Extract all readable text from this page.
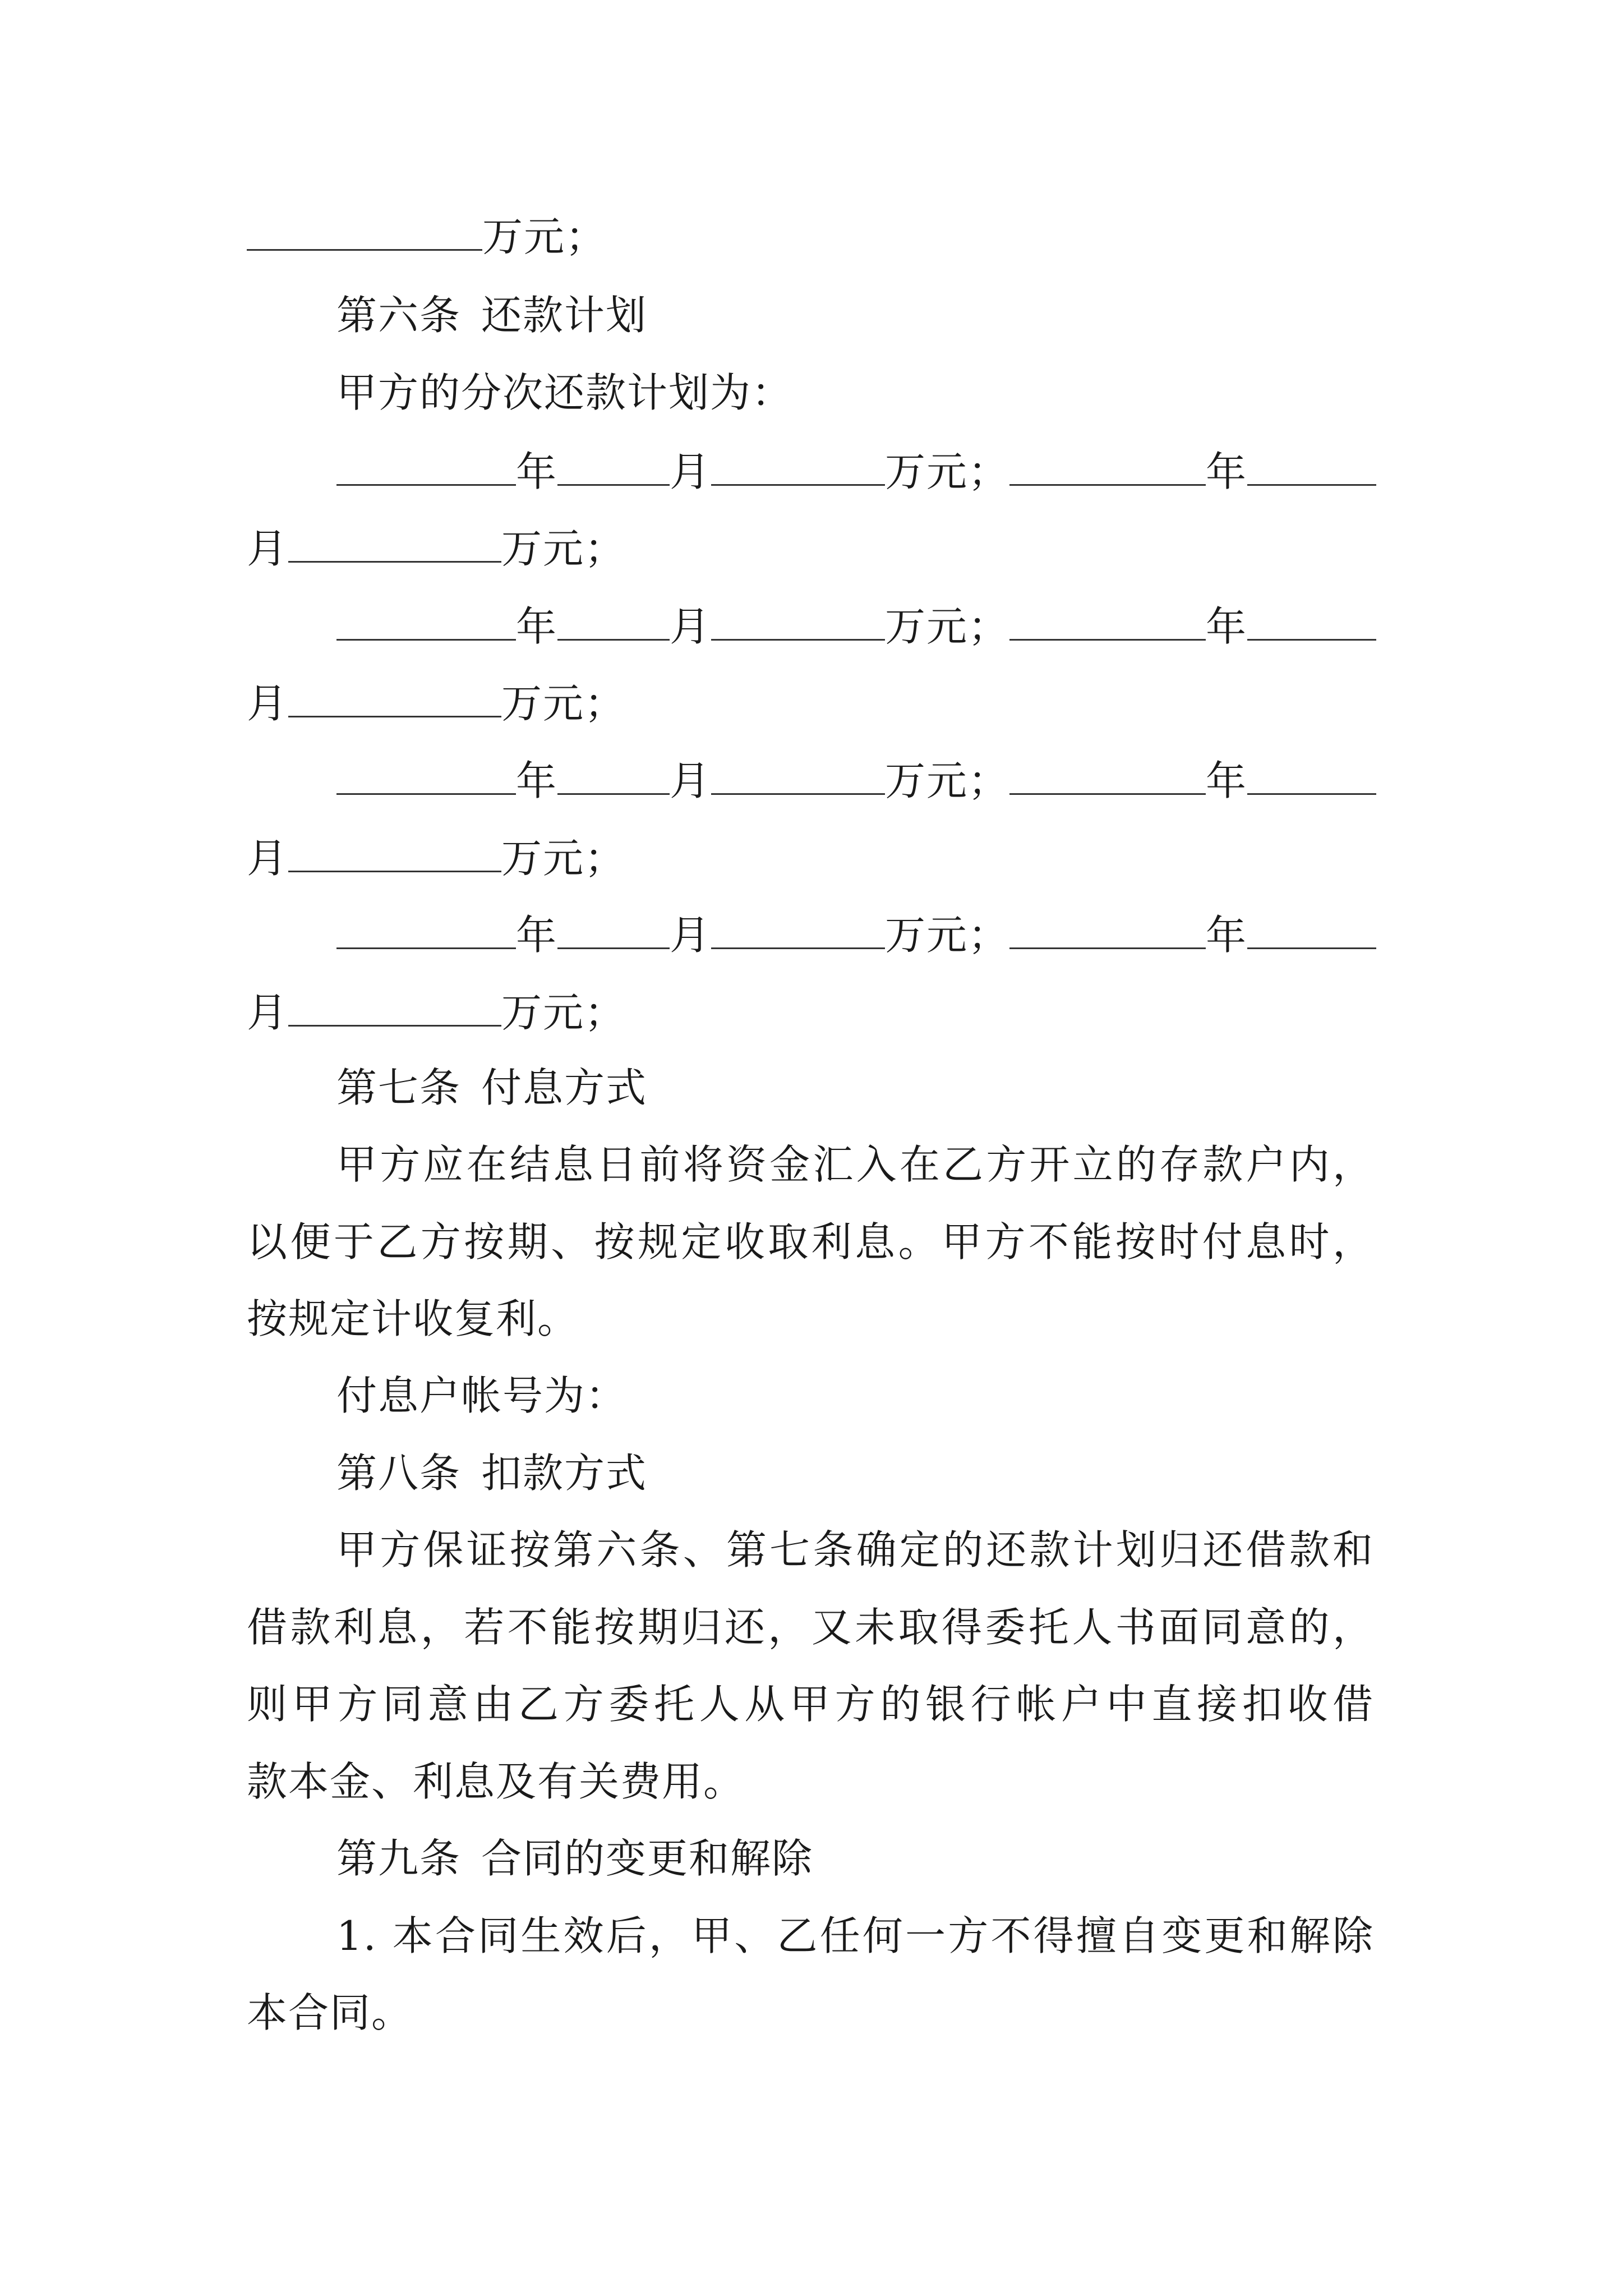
万元；
第六条 还款计划
甲方的分次还款计划为：
年	月	万元；	年
月	万元；
年	月	万元；	年
月	万元；
年	月	万元；	年
月	万元；
年	月	万元；	年
月	万元；
第七条 付息方式
甲方应在结息日前将资金汇入在乙方开立的存款户内，
以便于乙方按期、按规定收取利息。甲方不能按时付息时，
按规定计收复利。
付息户帐号为：
第八条 扣款方式
甲方保证按第六条、第七条确定的还款计划归还借款和
借款利息，若不能按期归还，又未取得委托人书面同意的，
则甲方同意由乙方委托人从甲方的银行帐户中直接扣收借
款本金、利息及有关费用。
第九条 合同的变更和解除
1. 本合同生效后，甲、乙任何一方不得擅自变更和解除
本合同。
